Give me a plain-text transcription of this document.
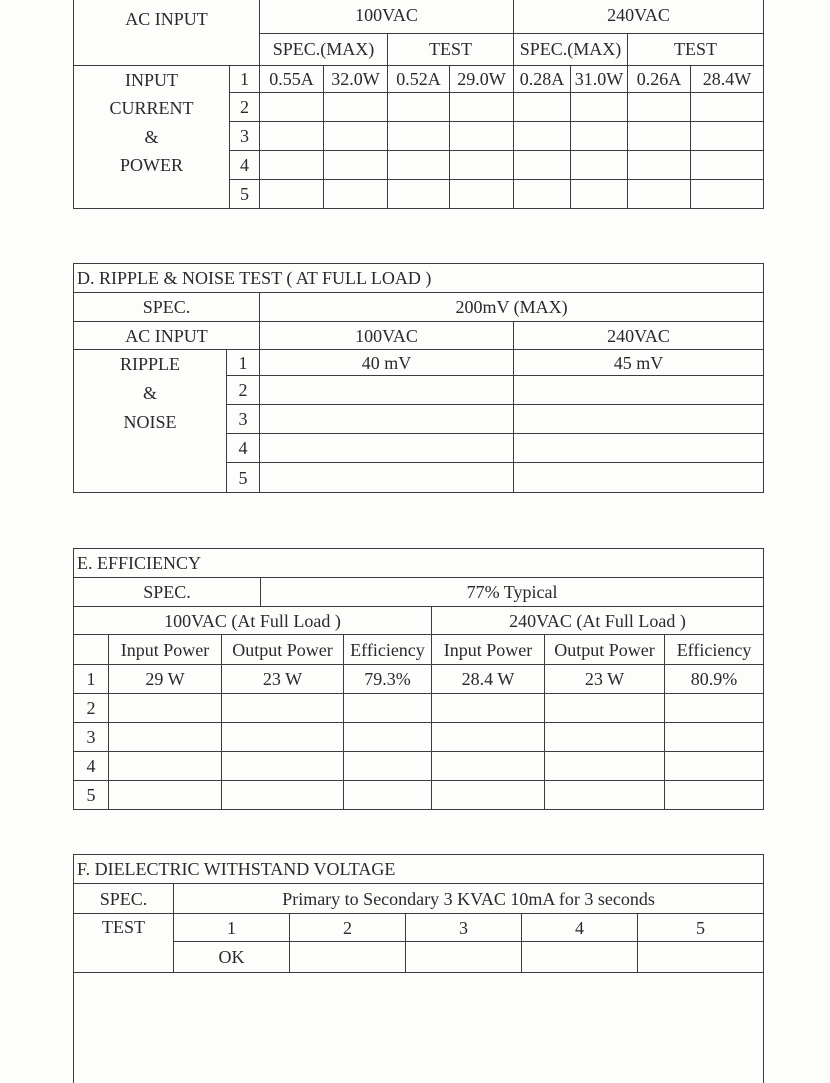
AC INPUT		100VAC				240VAC			
		SPEC.(MAX)		TEST		SPEC.(MAX)		TEST	

INPUT
CURRENT
&
POWER	1	0.55A	32.0W	0.52A	29.0W	0.28A	31.0W	0.26A	28.4W
	2								
	3								
	4								
	5								
D. RIPPLE & NOISE TEST ( AT FULL LOAD )			
SPEC.		200mV (MAX)	
AC INPUT		100VAC	240VAC

RIPPLE
&
NOISE	1	40 mV	45 mV
	2		
	3		
	4		
	5		
E. EFFICIENCY							
SPEC.			77% Typical				
100VAC (At Full Load )					240VAC (At Full Load )		
	Input Power	Output Power		Efficiency	Input Power	Output Power	Efficiency
1	29 W	23 W		79.3%	28.4 W	23 W	80.9%
2							
3							
4							
5							
F. DIELECTRIC WITHSTAND VOLTAGE					
SPEC.	Primary to Secondary 3 KVAC 10mA for 3 seconds				
TEST	1	2	3	4	5
	OK				
